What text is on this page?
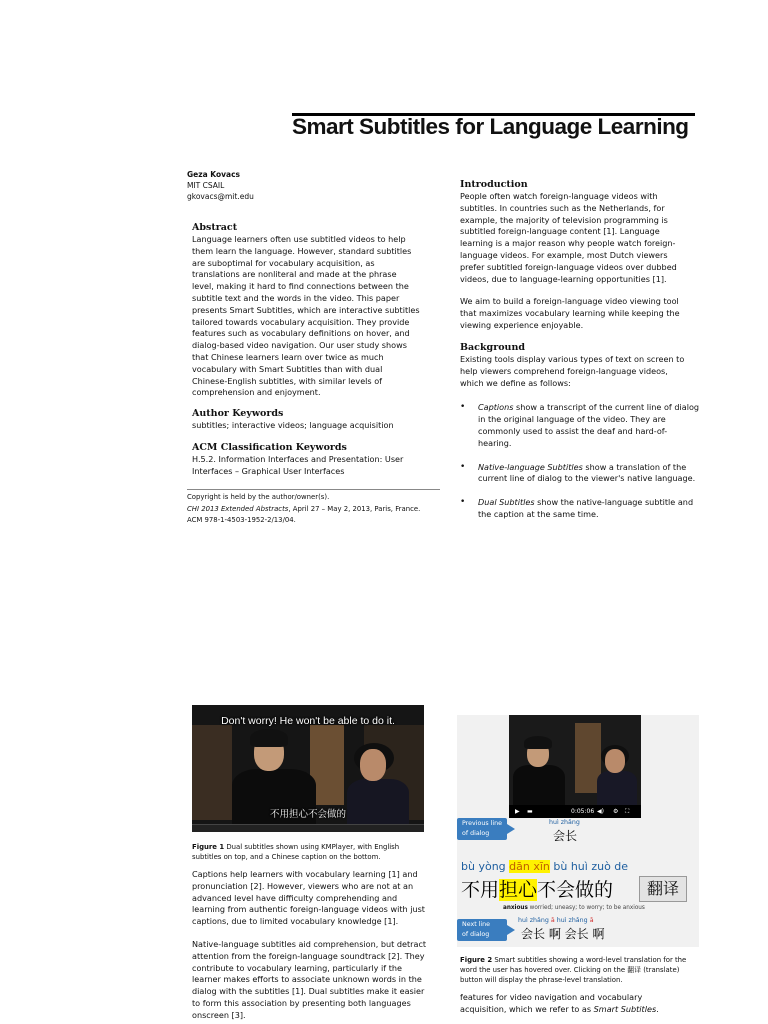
Smart Subtitles for Language Learning
Geza Kovacs
MIT CSAIL
gkovacs@mit.edu
Abstract
Language learners often use subtitled videos to help
them learn the language. However, standard subtitles
are suboptimal for vocabulary acquisition, as
translations are nonliteral and made at the phrase
level, making it hard to find connections between the
subtitle text and the words in the video. This paper
presents Smart Subtitles, which are interactive subtitles
tailored towards vocabulary acquisition. They provide
features such as vocabulary definitions on hover, and
dialog-based video navigation. Our user study shows
that Chinese learners learn over twice as much
vocabulary with Smart Subtitles than with dual
Chinese-English subtitles, with similar levels of
comprehension and enjoyment.
Author Keywords
subtitles; interactive videos; language acquisition
ACM Classification Keywords
H.5.2. Information Interfaces and Presentation: User
Interfaces – Graphical User Interfaces
Copyright is held by the author/owner(s).
CHI 2013 Extended Abstracts, April 27 – May 2, 2013, Paris, France.
ACM 978-1-4503-1952-2/13/04.
Introduction
People often watch foreign-language videos with
subtitles. In countries such as the Netherlands, for
example, the majority of television programming is
subtitled foreign-language content [1]. Language
learning is a major reason why people watch foreign-
language videos. For example, most Dutch viewers
prefer subtitled foreign-language videos over dubbed
videos, due to language-learning opportunities [1].
We aim to build a foreign-language video viewing tool
that maximizes vocabulary learning while keeping the
viewing experience enjoyable.
Background
Existing tools display various types of text on screen to
help viewers comprehend foreign-language videos,
which we define as follows:
• Captions show a transcript of the current line of dialog in the original language of the video. They are commonly used to assist the deaf and hard-of-hearing.
• Native-language Subtitles show a translation of the current line of dialog to the viewer's native language.
• Dual Subtitles show the native-language subtitle and the caption at the same time.
Don't worry! He won't be able to do it.
不用担心不会做的
Figure 1 Dual subtitles shown using KMPlayer, with English subtitles on top, and a Chinese caption on the bottom.
Captions help learners with vocabulary learning [1] and pronunciation [2]. However, viewers who are not at an advanced level have difficulty comprehending and learning from authentic foreign-language videos with just captions, due to limited vocabulary knowledge [1].
Native-language subtitles aid comprehension, but detract attention from the foreign-language soundtrack [2]. They contribute to vocabulary learning, particularly if the learner makes efforts to associate unknown words in the dialog with the subtitles [1]. Dual subtitles make it easier to form this association by presenting both languages onscreen [3].
▶ ▬	0:05:06 ◀) ⚙ ⛶
Previous line
of dialog
huì zhǎng
会长
bù yòng dān xīn bù huì zuò de
不用担心不会做的	翻译
anxious worried; uneasy; to worry; to be anxious
Next line
of dialog
huì zhǎng ā huì zhǎng ā
会长 啊 会长 啊
Figure 2 Smart subtitles showing a word-level translation for the word the user has hovered over. Clicking on the 翻译 (translate) button will display the phrase-level translation.
features for video navigation and vocabulary
acquisition, which we refer to as Smart Subtitles.
